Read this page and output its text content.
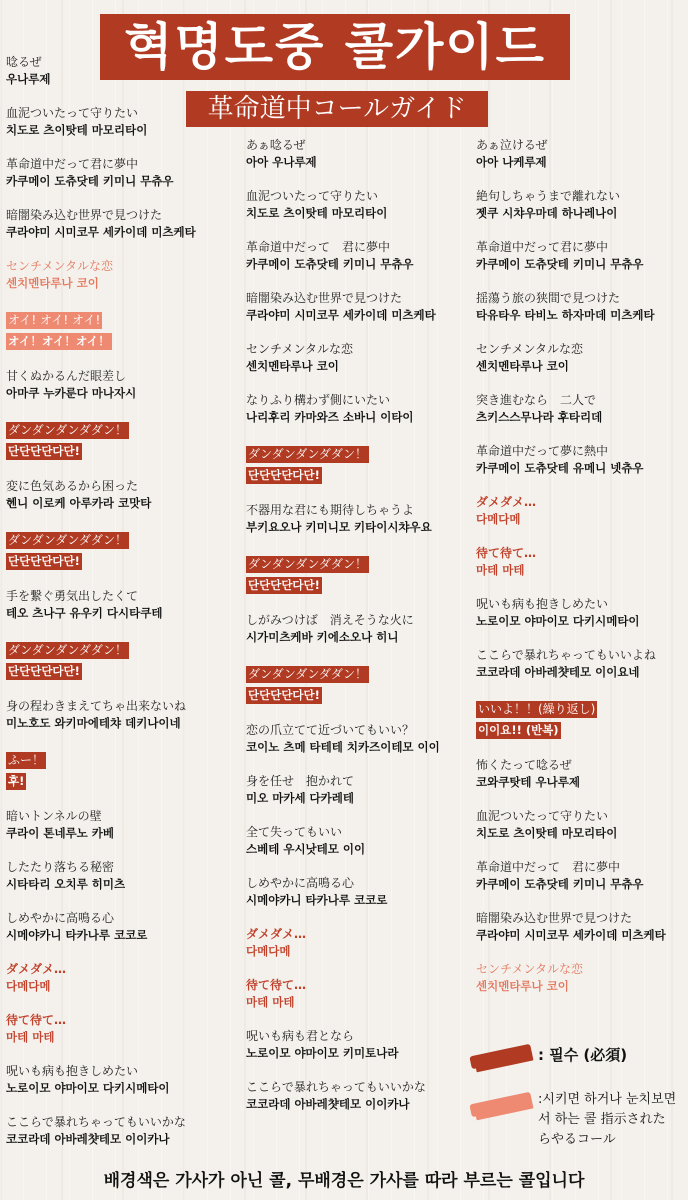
혁명도중 콜가이드
革命道中コールガイド
唸るぜ
우나루제
血泥ついたって守りたい
치도로 츠이탓테 마모리타이
革命道中だって君に夢中
카쿠메이 도츄닷테 키미니 무츄우
暗闇染み込む世界で見つけた
쿠라야미 시미코무 세카이데 미츠케타
センチメンタルな恋
센치멘타루나 코이
オイ! オイ! オイ!
オイ！オイ！オイ！
甘くぬかるんだ眼差し
아마쿠 누카룬다 마나자시
ダンダンダンダダン！
단단단단다단!
変に色気あるから困った
헨니 이로케 아루카라 코맛타
ダンダンダンダダン！
단단단단다단!
手を繋ぐ勇気出したくて
테오 츠나구 유우키 다시타쿠테
ダンダンダンダダン！
단단단단다단!
身の程わきまえてちゃ出来ないね
미노호도 와키마에테챠 데키나이네
ふー！
후!
暗いトンネルの壁
쿠라이 톤네루노 카베
したたり落ちる秘密
시타타리 오치루 히미츠
しめやかに高鳴る心
시메야카니 타카나루 코코로
ダメダメ…
다메다메
待て待て…
마테 마테
呪いも病も抱きしめたい
노로이모 야마이모 다키시메타이
ここらで暴れちゃってもいいかな
코코라데 아바레챳테모 이이카나
あぁ唸るぜ
아아 우나루제
血泥ついたって守りたい
치도로 츠이탓테 마모리타이
革命道中だって　君に夢中
카쿠메이 도츄닷테 키미니 무츄우
暗闇染み込む世界で見つけた
쿠라야미 시미코무 세카이데 미츠케타
センチメンタルな恋
센치멘타루나 코이
なりふり構わず側にいたい
나리후리 카마와즈 소바니 이타이
ダンダンダンダダン！
단단단단다단!
不器用な君にも期待しちゃうよ
부키요오나 키미니모 키타이시챠우요
ダンダンダンダダン！
단단단단다단!
しがみつけば　消えそうな火に
시가미츠케바 키에소오나 히니
ダンダンダンダダン！
단단단단다단!
恋の爪立てて近づいてもいい？
코이노 츠메 타테테 치카즈이테모 이이
身を任せ　抱かれて
미오 마카세 다카레테
全て失ってもいい
스베테 우시낫테모 이이
しめやかに高鳴る心
시메야카니 타카나루 코코로
ダメダメ…
다메다메
待て待て…
마테 마테
呪いも病も君となら
노로이모 야마이모 키미토나라
ここらで暴れちゃってもいいかな
코코라데 아바레챳테모 이이카나
あぁ泣けるぜ
아아 나케루제
絶句しちゃうまで離れない
젯쿠 시챠우마데 하나레나이
革命道中だって君に夢中
카쿠메이 도츄닷테 키미니 무츄우
揺蕩う旅の狭間で見つけた
타유타우 타비노 하자마데 미츠케타
センチメンタルな恋
센치멘타루나 코이
突き進むなら　二人で
츠키스스무나라 후타리데
革命道中だって夢に熱中
카쿠메이 도츄닷테 유메니 넷츄우
ダメダメ…
다메다메
待て待て…
마테 마테
呪いも病も抱きしめたい
노로이모 야마이모 다키시메타이
ここらで暴れちゃってもいいよね
코코라데 아바레챳테모 이이요네
いいよ！！(繰り返し)
이이요!! (반복)
怖くたって唸るぜ
코와쿠탓테 우나루제
血泥ついたって守りたい
치도로 츠이탓테 마모리타이
革命道中だって　君に夢中
카쿠메이 도츄닷테 키미니 무츄우
暗闇染み込む世界で見つけた
쿠라야미 시미코무 세카이데 미츠케타
センチメンタルな恋
센치멘타루나 코이
: 필수 (必須)
:시키면 하거나 눈치보면서 하는 콜 指示されたらやるコール
배경색은 가사가 아닌 콜, 무배경은 가사를 따라 부르는 콜입니다
